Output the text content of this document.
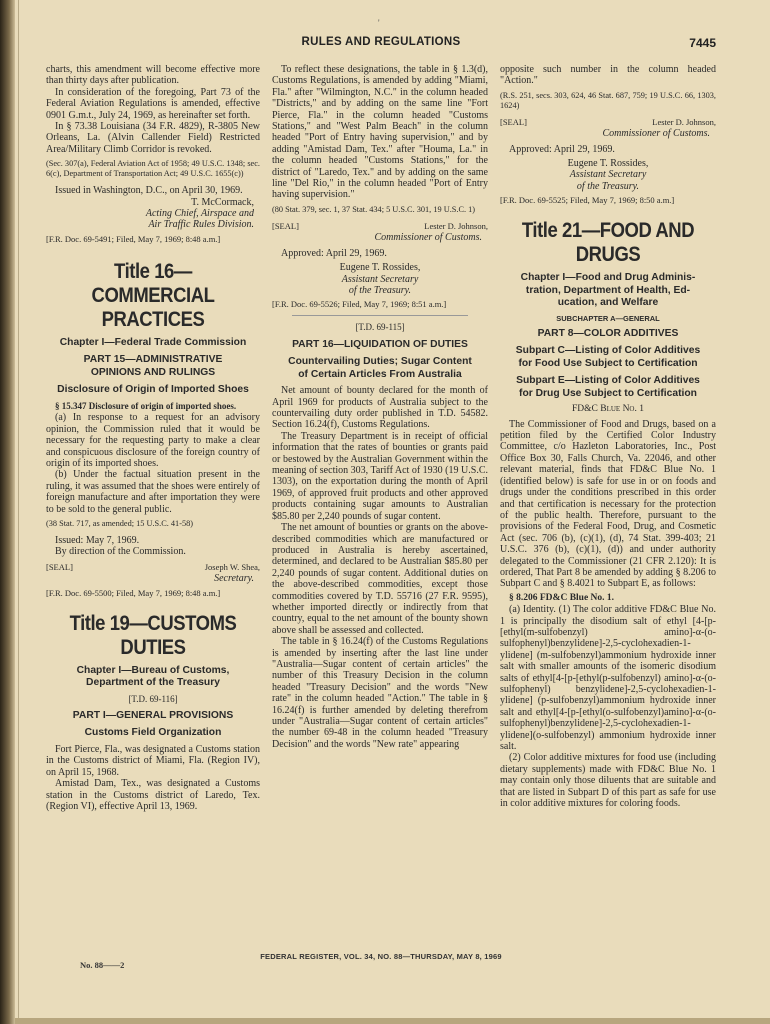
'
RULES AND REGULATIONS	7445

charts, this amendment will become effective more than thirty days after publication.

In consideration of the foregoing, Part 73 of the Federal Aviation Regulations is amended, effective 0901 G.m.t., July 24, 1969, as hereinafter set forth.

In § 73.38 Louisiana (34 F.R. 4829), R-3805 New Orleans, La. (Alvin Callender Field) Restricted Area/Military Climb Corridor is revoked.

(Sec. 307(a), Federal Aviation Act of 1958; 49 U.S.C. 1348; sec. 6(c), Department of Transportation Act; 49 U.S.C. 1655(c))

Issued in Washington, D.C., on April 30, 1969.

T. McCormack,

Acting Chief, Airspace and

Air Traffic Rules Division.

[F.R. Doc. 69-5491; Filed, May 7, 1969; 8:48 a.m.]

Title 16—COMMERCIAL
PRACTICES
Chapter I—Federal Trade Commission
PART 15—ADMINISTRATIVE
OPINIONS AND RULINGS
Disclosure of Origin of Imported Shoes

§ 15.347 Disclosure of origin of imported shoes.

(a) In response to a request for an advisory opinion, the Commission ruled that it would be necessary for the requesting party to make a clear and conspicuous disclosure of the foreign country of origin of its imported shoes.

(b) Under the factual situation present in the ruling, it was assumed that the shoes were entirely of foreign manufacture and after importation they were to be sold to the general public.

(38 Stat. 717, as amended; 15 U.S.C. 41-58)

Issued: May 7, 1969.

By direction of the Commission.

[SEAL]	Joseph W. Shea,

Secretary.

[F.R. Doc. 69-5500; Filed, May 7, 1969; 8:48 a.m.]

Title 19—CUSTOMS DUTIES
Chapter I—Bureau of Customs,
Department of the Treasury
[T.D. 69-116]
PART I—GENERAL PROVISIONS
Customs Field Organization

Fort Pierce, Fla., was designated a Customs station in the Customs district of Miami, Fla. (Region IV), on April 15, 1968.

Amistad Dam, Tex., was designated a Customs station in the Customs district of Laredo, Tex. (Region VI), effective April 13, 1969.

To reflect these designations, the table in § 1.3(d), Customs Regulations, is amended by adding "Miami, Fla." after "Wilmington, N.C." in the column headed "Districts," and by adding on the same line "Fort Pierce, Fla." in the column headed "Customs Stations," and "West Palm Beach" in the column headed "Port of Entry having supervision," and by adding "Amistad Dam, Tex." after "Houma, La." in the column headed "Customs Stations," for the district of "Laredo, Tex." and by adding on the same line "Del Rio," in the column headed "Port of Entry having supervision."

(80 Stat. 379, sec. 1, 37 Stat. 434; 5 U.S.C. 301, 19 U.S.C. 1)

[SEAL]	Lester D. Johnson,

Commissioner of Customs.

Approved: April 29, 1969.

Eugene T. Rossides,

Assistant Secretary

of the Treasury.

[F.R. Doc. 69-5526; Filed, May 7, 1969; 8:51 a.m.]

[T.D. 69-115]
PART 16—LIQUIDATION OF DUTIES
Countervailing Duties; Sugar Content
of Certain Articles From Australia

Net amount of bounty declared for the month of April 1969 for products of Australia subject to the countervailing duty order published in T.D. 54582. Section 16.24(f), Customs Regulations.

The Treasury Department is in receipt of official information that the rates of bounties or grants paid or bestowed by the Australian Government within the meaning of section 303, Tariff Act of 1930 (19 U.S.C. 1303), on the exportation during the month of April 1969, of approved fruit products and other approved products containing sugar amounts to Australian $85.80 per 2,240 pounds of sugar content.

The net amount of bounties or grants on the above-described commodities which are manufactured or produced in Australia is hereby ascertained, determined, and declared to be Australian $85.80 per 2,240 pounds of sugar content. Additional duties on the above-described commodities, except those commodities covered by T.D. 55716 (27 F.R. 9595), whether imported directly or indirectly from that country, equal to the net amount of the bounty shown above shall be assessed and collected.

The table in § 16.24(f) of the Customs Regulations is amended by inserting after the last line under "Australia—Sugar content of certain articles" the number of this Treasury Decision in the column headed "Treasury Decision" and the words "New rate" in the column headed "Action." The table in § 16.24(f) is further amended by deleting therefrom under "Australia—Sugar content of certain articles" the number 69-48 in the column headed "Treasury Decision" and the words "New rate" appearing

opposite such number in the column headed "Action."

(R.S. 251, secs. 303, 624, 46 Stat. 687, 759; 19 U.S.C. 66, 1303, 1624)

[SEAL]	Lester D. Johnson,

Commissioner of Customs.

Approved: April 29, 1969.

Eugene T. Rossides,

Assistant Secretary

of the Treasury.

[F.R. Doc. 69-5525; Filed, May 7, 1969; 8:50 a.m.]

Title 21—FOOD AND DRUGS
Chapter I—Food and Drug Adminis-
tration, Department of Health, Ed-
ucation, and Welfare
SUBCHAPTER A—GENERAL
PART 8—COLOR ADDITIVES
Subpart C—Listing of Color Additives
for Food Use Subject to Certification
Subpart E—Listing of Color Additives
for Drug Use Subject to Certification
FD&C Blue No. 1

The Commissioner of Food and Drugs, based on a petition filed by the Certified Color Industry Committee, c/o Hazleton Laboratories, Inc., Post Office Box 30, Falls Church, Va. 22046, and other relevant material, finds that FD&C Blue No. 1 (identified below) is safe for use in or on foods and drugs under the conditions prescribed in this order and that certification is necessary for the protection of the public health. Therefore, pursuant to the provisions of the Federal Food, Drug, and Cosmetic Act (sec. 706 (b), (c)(1), (d), 74 Stat. 399-403; 21 U.S.C. 376 (b), (c)(1), (d)) and under authority delegated to the Commissioner (21 CFR 2.120): It is ordered, That Part 8 be amended by adding § 8.206 to Subpart C and § 8.4021 to Subpart E, as follows:

§ 8.206 FD&C Blue No. 1.

(a) Identity. (1) The color additive FD&C Blue No. 1 is principally the disodium salt of ethyl [4-[p-[ethyl(m-sulfobenzyl) amino]-α-(o-sulfophenyl)benzylidene]-2,5-cyclohexadien-1-ylidene] (m-sulfobenzyl)ammonium hydroxide inner salt with smaller amounts of the isomeric disodium salts of ethyl[4-[p-[ethyl(p-sulfobenzyl) amino]-α-(o-sulfophenyl) benzylidene]-2,5-cyclohexadien-1-ylidene] (p-sulfobenzyl)ammonium hydroxide inner salt and ethyl[4-[p-[ethyl(o-sulfobenzyl)amino]-α-(o-sulfophenyl)benzylidene]-2,5-cyclohexadien-1-ylidene](o-sulfobenzyl) ammonium hydroxide inner salt.

(2) Color additive mixtures for food use (including dietary supplements) made with FD&C Blue No. 1 may contain only those diluents that are suitable and that are listed in Subpart D of this part as safe for use in color additive mixtures for coloring foods.

FEDERAL REGISTER, VOL. 34, NO. 88—THURSDAY, MAY 8, 1969
No. 88——2
